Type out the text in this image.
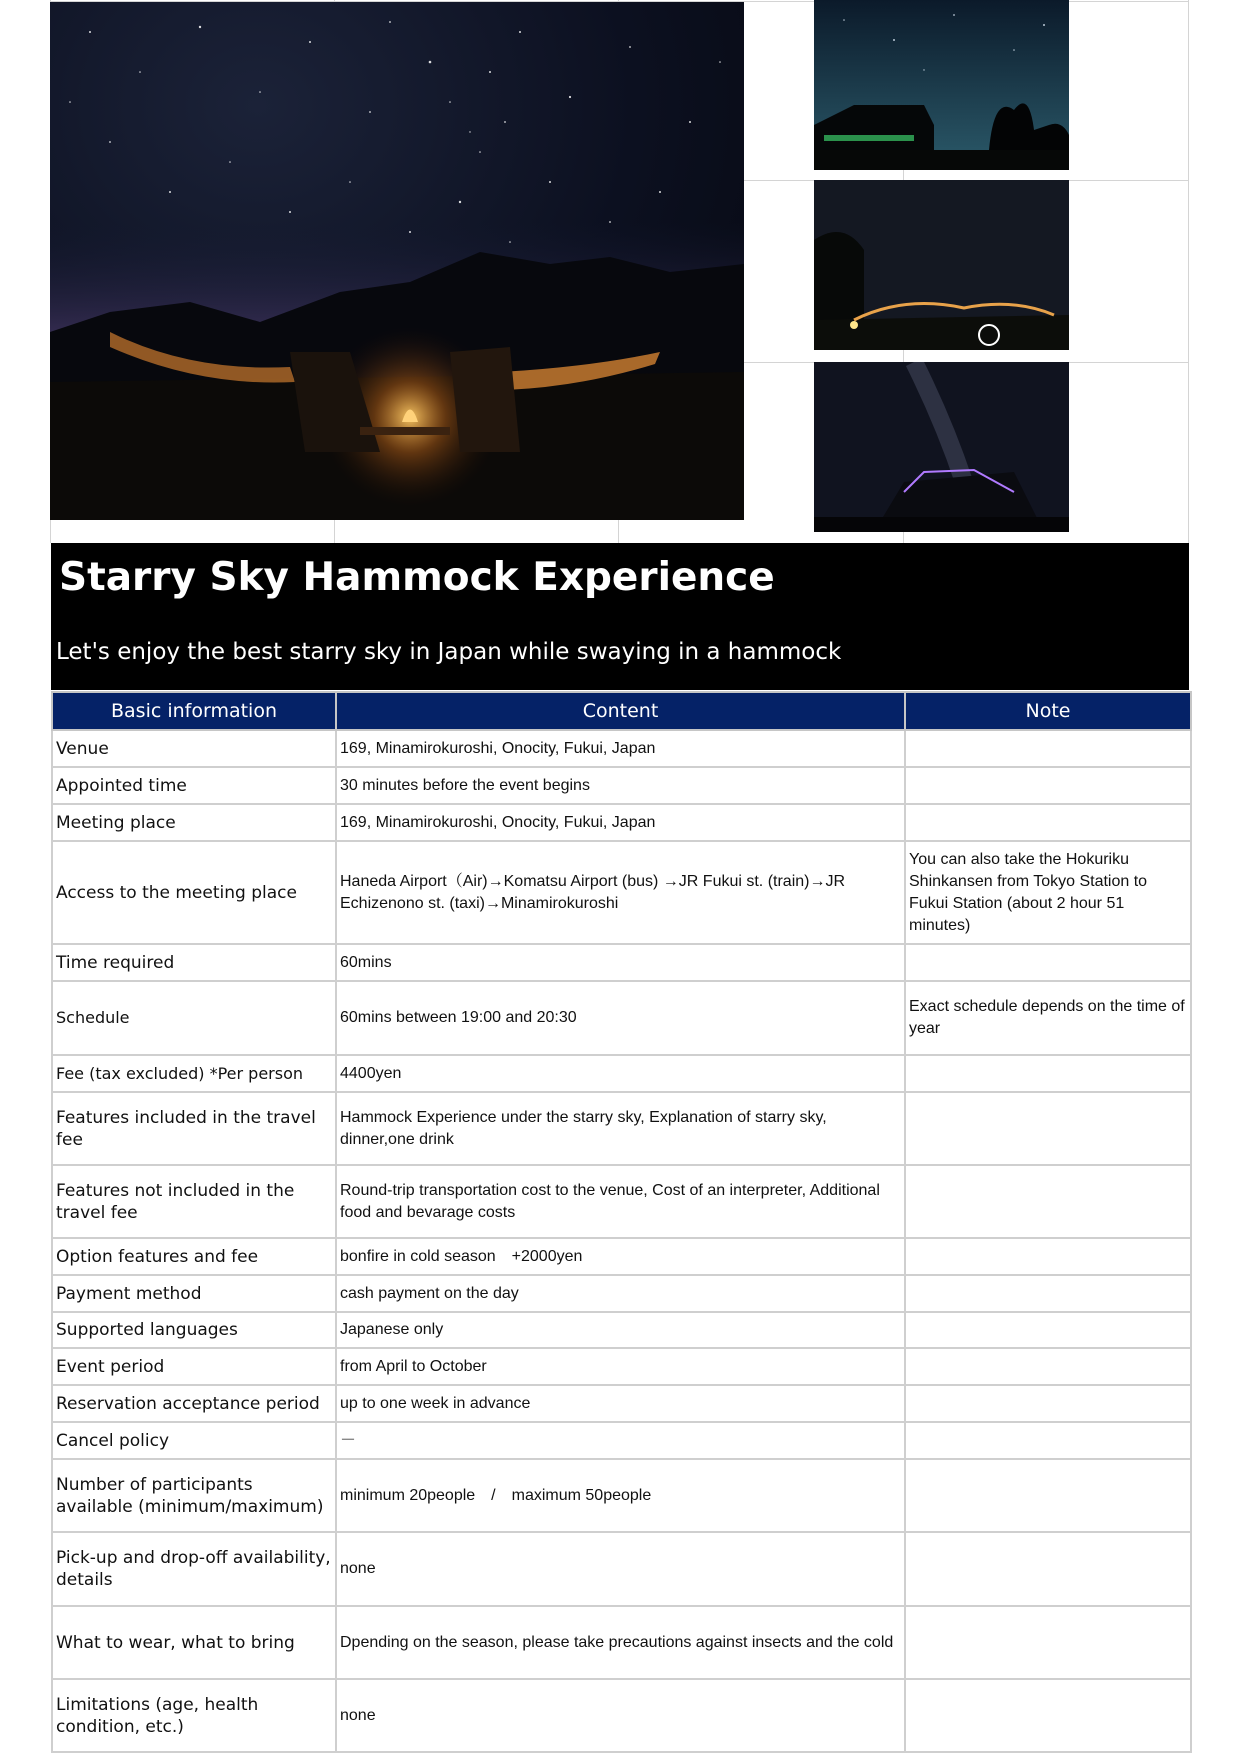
Starry Sky Hammock Experience
Let's enjoy the best starry sky in Japan while swaying in a hammock
Basic information	Content	Note
Venue	169, Minamirokuroshi, Onocity, Fukui, Japan	
Appointed time	30 minutes before the event begins	
Meeting place	169, Minamirokuroshi, Onocity, Fukui, Japan	
Access to the meeting place	Haneda Airport（Air)→Komatsu Airport (bus) →JR Fukui st. (train)→JR Echizenono st. (taxi)→Minamirokuroshi	You can also take the Hokuriku Shinkansen from Tokyo Station to Fukui Station (about 2 hour 51 minutes)
Time required	60mins	
Schedule	60mins between 19:00 and 20:30	Exact schedule depends on the time of year
Fee (tax excluded) *Per person	4400yen	
Features included in the travel fee	Hammock Experience under the starry sky, Explanation of starry sky, dinner,one drink	
Features not included in the travel fee	Round-trip transportation cost to the venue, Cost of an interpreter, Additional food and bevarage costs	
Option features and fee	bonfire in cold season　+2000yen	
Payment method	cash payment on the day	
Supported languages	Japanese only	
Event period	from April to October	
Reservation acceptance period	up to one week in advance	
Cancel policy	－	
Number of participants available (minimum/maximum)	minimum 20people　/　maximum 50people	
Pick-up and drop-off availability, details	none	
What to wear, what to bring	Dpending on the season, please take precautions against insects and the cold	
Limitations (age, health condition, etc.)	none	
